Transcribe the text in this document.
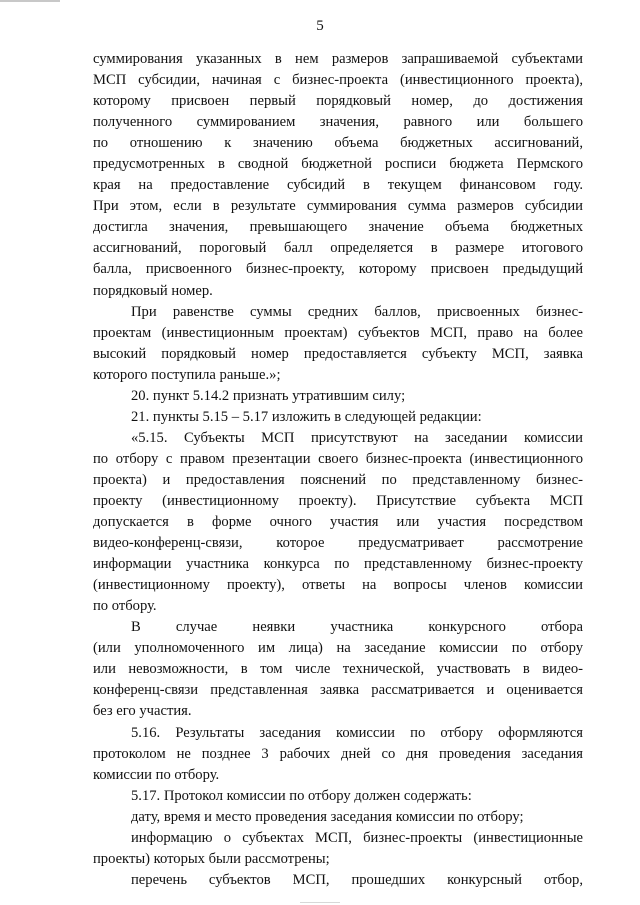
5
суммирования указанных в нем размеров запрашиваемой субъектами
МСП субсидии, начиная с бизнес-проекта (инвестиционного проекта),
которому присвоен первый порядковый номер, до достижения
полученного суммированием значения, равного или большего
по отношению к значению объема бюджетных ассигнований,
предусмотренных в сводной бюджетной росписи бюджета Пермского
края на предоставление субсидий в текущем финансовом году.
При этом, если в результате суммирования сумма размеров субсидии
достигла значения, превышающего значение объема бюджетных
ассигнований, пороговый балл определяется в размере итогового
балла, присвоенного бизнес-проекту, которому присвоен предыдущий
порядковый номер.
При равенстве суммы средних баллов, присвоенных бизнес-
проектам (инвестиционным проектам) субъектов МСП, право на более
высокий порядковый номер предоставляется субъекту МСП, заявка
которого поступила раньше.»;
20. пункт 5.14.2 признать утратившим силу;
21. пункты 5.15 – 5.17 изложить в следующей редакции:
«5.15. Субъекты МСП присутствуют на заседании комиссии
по отбору с правом презентации своего бизнес-проекта (инвестиционного
проекта) и предоставления пояснений по представленному бизнес-
проекту (инвестиционному проекту). Присутствие субъекта МСП
допускается в форме очного участия или участия посредством
видео-конференц-связи, которое предусматривает рассмотрение
информации участника конкурса по представленному бизнес-проекту
(инвестиционному проекту), ответы на вопросы членов комиссии
по отбору.
В случае неявки участника конкурсного отбора
(или уполномоченного им лица) на заседание комиссии по отбору
или невозможности, в том числе технической, участвовать в видео-
конференц-связи представленная заявка рассматривается и оценивается
без его участия.
5.16. Результаты заседания комиссии по отбору оформляются
протоколом не позднее 3 рабочих дней со дня проведения заседания
комиссии по отбору.
5.17. Протокол комиссии по отбору должен содержать:
дату, время и место проведения заседания комиссии по отбору;
информацию о субъектах МСП, бизнес-проекты (инвестиционные
проекты) которых были рассмотрены;
перечень субъектов МСП, прошедших конкурсный отбор,
